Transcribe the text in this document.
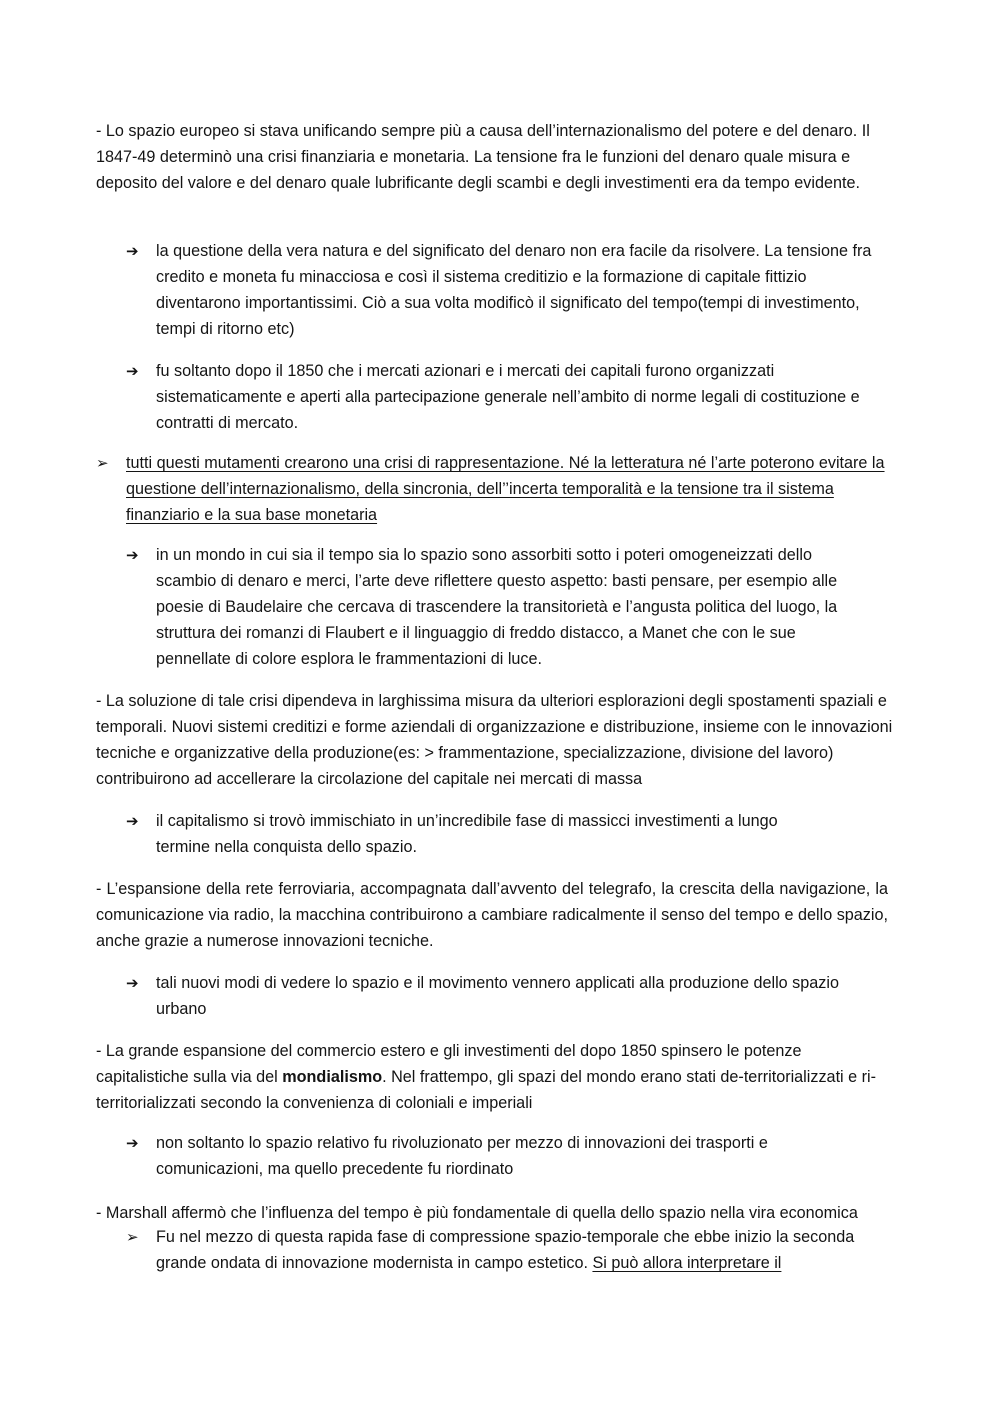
- Lo spazio europeo si stava unificando sempre più a causa dell’internazionalismo del potere e del denaro. Il 1847-49 determinò una crisi finanziaria e monetaria. La tensione fra le funzioni del denaro quale misura e deposito del valore e del denaro quale lubrificante degli scambi e degli investimenti era da tempo evidente.

➔	la questione della vera natura e del significato del denaro non era facile da risolvere. La tensione fra credito e moneta fu minacciosa e così il sistema creditizio e la formazione di capitale fittizio diventarono importantissimi. Ciò a sua volta modificò il significato del tempo(tempi di investimento, tempi di ritorno etc)
➔	fu soltanto dopo il 1850 che i mercati azionari e i mercati dei capitali furono organizzati sistematicamente e aperti alla partecipazione generale nell’ambito di norme legali di costituzione e contratti di mercato.
➢	tutti questi mutamenti crearono una crisi di rappresentazione. Né la letteratura né l’arte poterono evitare la questione dell’internazionalismo, della sincronia, dell’’incerta temporalità e la tensione tra il sistema finanziario e la sua base monetaria
➔	in un mondo in cui sia il tempo sia lo spazio sono assorbiti sotto i poteri omogeneizzati dello scambio di denaro e merci, l’arte deve riflettere questo aspetto: basti pensare, per esempio alle poesie di Baudelaire che cercava di trascendere la transitorietà e l’angusta politica del luogo, la struttura dei romanzi di Flaubert e il linguaggio di freddo distacco, a Manet che con le sue pennellate di colore esplora le frammentazioni di luce.

- La soluzione di tale crisi dipendeva in larghissima misura da ulteriori esplorazioni degli spostamenti spaziali e temporali. Nuovi sistemi creditizi e forme aziendali di organizzazione e distribuzione, insieme con le innovazioni tecniche e organizzative della produzione(es: > frammentazione, specializzazione, divisione del lavoro) contribuirono ad accellerare la circolazione del capitale nei mercati di massa

➔	il capitalismo si trovò immischiato in un’incredibile fase di massicci investimenti a lungo termine nella conquista dello spazio.

- L’espansione della rete ferroviaria, accompagnata dall’avvento del telegrafo, la crescita della navigazione, la comunicazione via radio, la macchina contribuirono a cambiare radicalmente il senso del tempo e dello spazio, anche grazie a numerose innovazioni tecniche.

➔	tali nuovi modi di vedere lo spazio e il movimento vennero applicati alla produzione dello spazio urbano

- La grande espansione del commercio estero e gli investimenti del dopo 1850 spinsero le potenze capitalistiche sulla via del mondialismo. Nel frattempo, gli spazi del mondo erano stati de-territorializzati e ri-territorializzati secondo la convenienza di coloniali e imperiali

➔	non soltanto lo spazio relativo fu rivoluzionato per mezzo di innovazioni dei trasporti e comunicazioni, ma quello precedente fu riordinato

- Marshall affermò che l’influenza del tempo è più fondamentale di quella dello spazio nella vira economica

➢	Fu nel mezzo di questa rapida fase di compressione spazio-temporale che ebbe inizio la seconda grande ondata di innovazione modernista in campo estetico. Si può allora interpretare il
